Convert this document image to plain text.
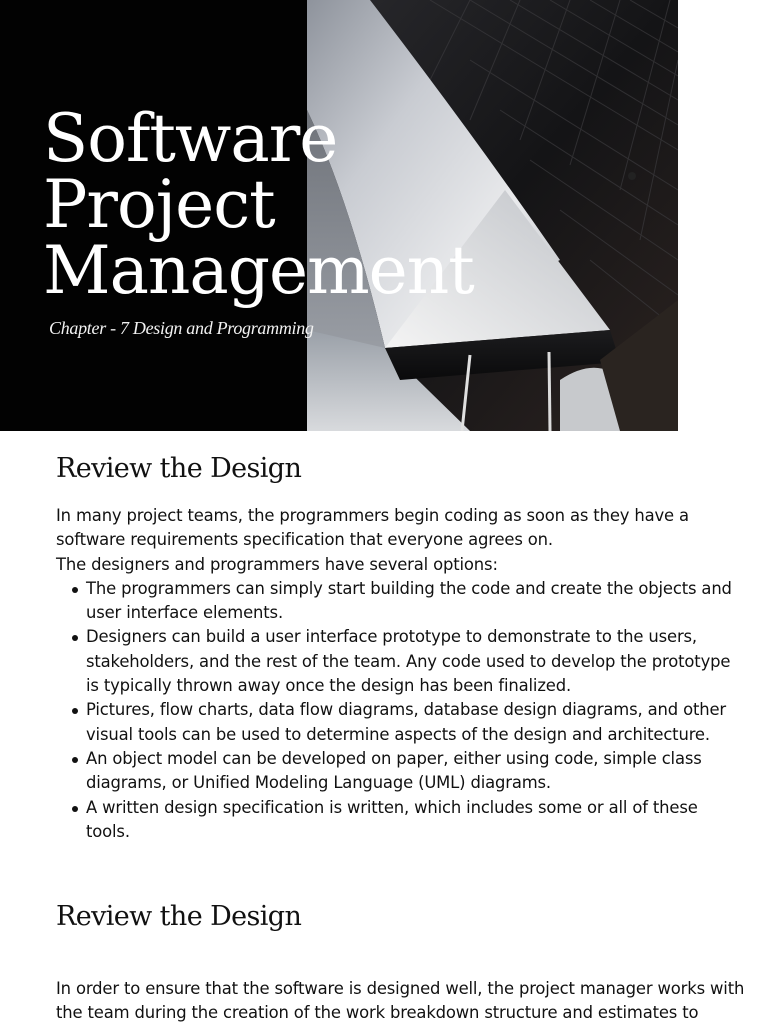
Software
Project
Management
Chapter - 7 Design and Programming
Review the Design

In many project teams, the programmers begin coding as soon as they have a software requirements specification that everyone agrees on.

The designers and programmers have several options:

The programmers can simply start building the code and create the objects and user interface elements.
Designers can build a user interface prototype to demonstrate to the users, stakeholders, and the rest of the team. Any code used to develop the prototype is typically thrown away once the design has been finalized.
Pictures, flow charts, data flow diagrams, database design diagrams, and other visual tools can be used to determine aspects of the design and architecture.
An object model can be developed on paper, either using code, simple class diagrams, or Unified Modeling Language (UML) diagrams.
A written design specification is written, which includes some or all of these tools.
Review the Design
In order to ensure that the software is designed well, the project manager works with the team during the creation of the work breakdown structure and estimates to
